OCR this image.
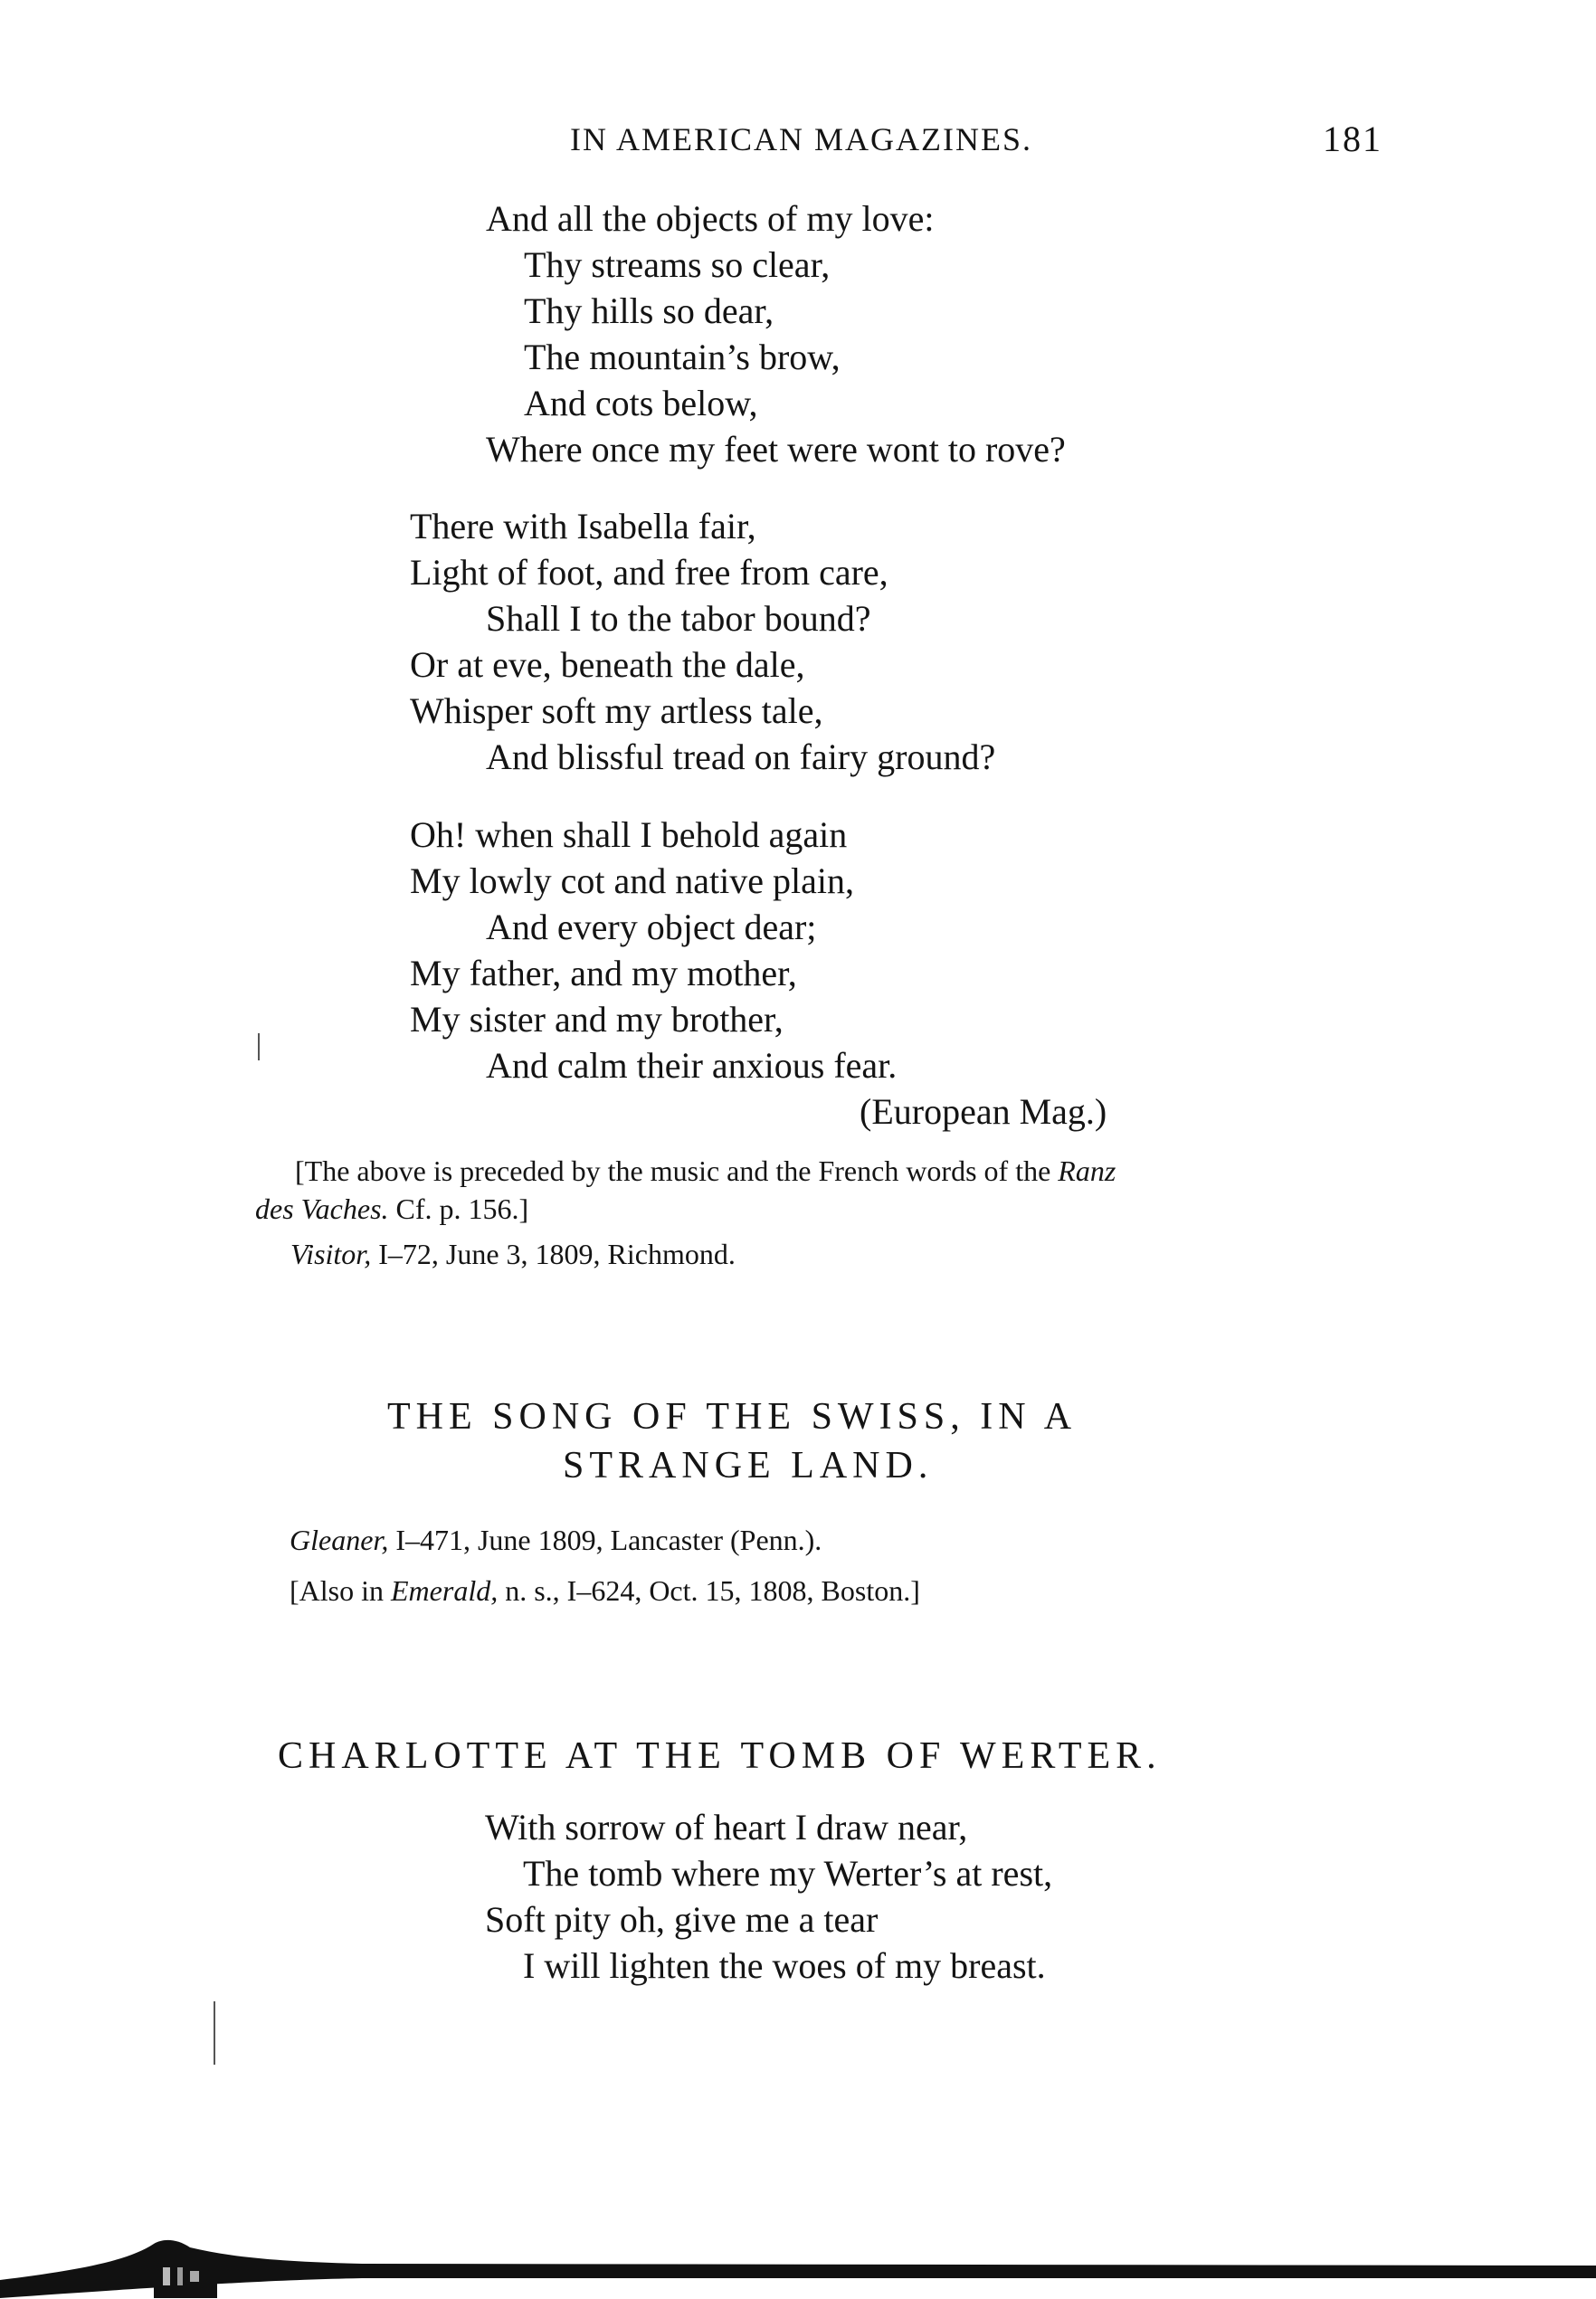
IN AMERICAN MAGAZINES.	181
And all the objects of my love:
Thy streams so clear,
Thy hills so dear,
The mountain’s brow,
And cots below,
Where once my feet were wont to rove?
There with Isabella fair,
Light of foot, and free from care,
Shall I to the tabor bound?
Or at eve, beneath the dale,
Whisper soft my artless tale,
And blissful tread on fairy ground?
Oh! when shall I behold again
My lowly cot and native plain,
And every object dear;
My father, and my mother,
My sister and my brother,
And calm their anxious fear.
(European Mag.)
[The above is preceded by the music and the French words of the Ranz
des Vaches. Cf. p. 156.]
Visitor, I–72, June 3, 1809, Richmond.
THE SONG OF THE SWISS, IN A
STRANGE LAND.
Gleaner, I–471, June 1809, Lancaster (Penn.).
[Also in Emerald, n. s., I–624, Oct. 15, 1808, Boston.]
CHARLOTTE AT THE TOMB OF WERTER.
With sorrow of heart I draw near,
The tomb where my Werter’s at rest,
Soft pity oh, give me a tear
I will lighten the woes of my breast.
